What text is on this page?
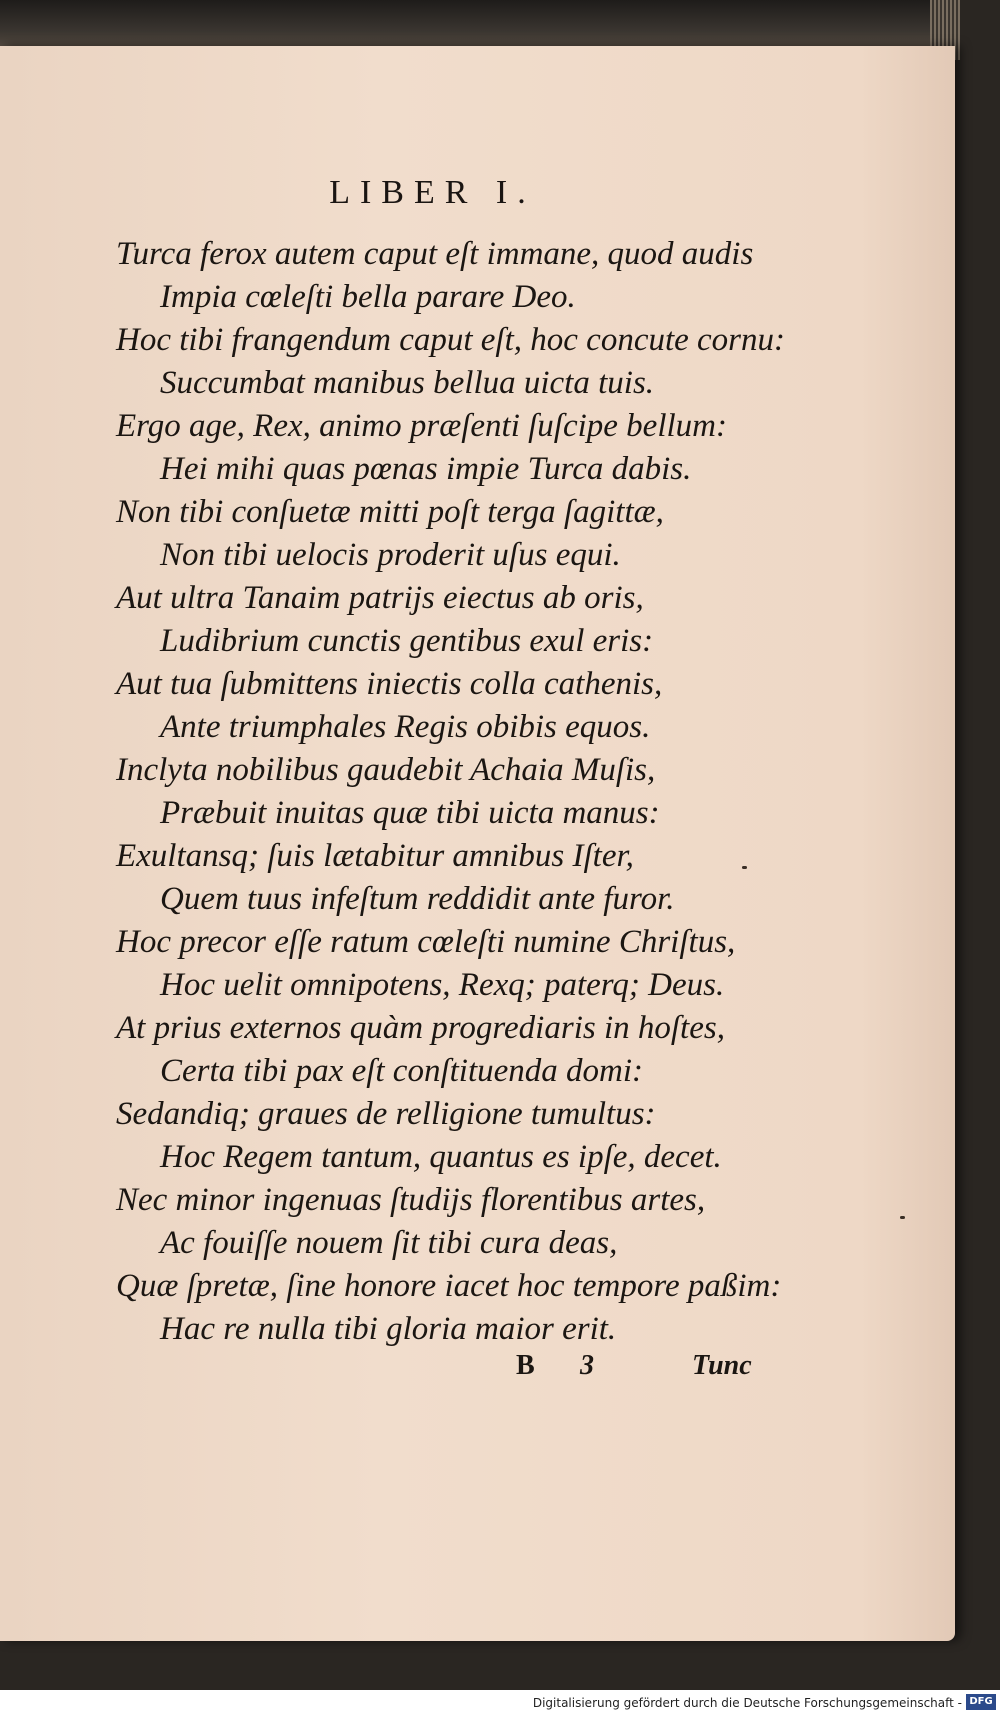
LIBER I.
Turca ferox autem caput eſt immane, quod audis
Impia cœleſti bella parare Deo.
Hoc tibi frangendum caput eſt, hoc concute cornu:
Succumbat manibus bellua uicta tuis.
Ergo age, Rex, animo præſenti ſuſcipe bellum:
Hei mihi quas pœnas impie Turca dabis.
Non tibi conſuetæ mitti poſt terga ſagittæ,
Non tibi uelocis proderit uſus equi.
Aut ultra Tanaim patrijs eiectus ab oris,
Ludibrium cunctis gentibus exul eris:
Aut tua ſubmittens iniectis colla cathenis,
Ante triumphales Regis obibis equos.
Inclyta nobilibus gaudebit Achaia Muſis,
Præbuit inuitas quæ tibi uicta manus:
Exultansq; ſuis lætabitur amnibus Iſter,
Quem tuus infeſtum reddidit ante furor.
Hoc precor eſſe ratum cœleſti numine Chriſtus,
Hoc uelit omnipotens, Rexq; paterq; Deus.
At prius externos quàm progrediaris in hoſtes,
Certa tibi pax eſt conſtituenda domi:
Sedandiq; graues de relligione tumultus:
Hoc Regem tantum, quantus es ipſe, decet.
Nec minor ingenuas ſtudijs florentibus artes,
Ac fouiſſe nouem ſit tibi cura deas,
Quæ ſpretæ, ſine honore iacet hoc tempore paßim:
Hac re nulla tibi gloria maior erit.
B 3	Tunc
Digitalisierung gefördert durch die Deutsche Forschungsgemeinschaft - DFG
